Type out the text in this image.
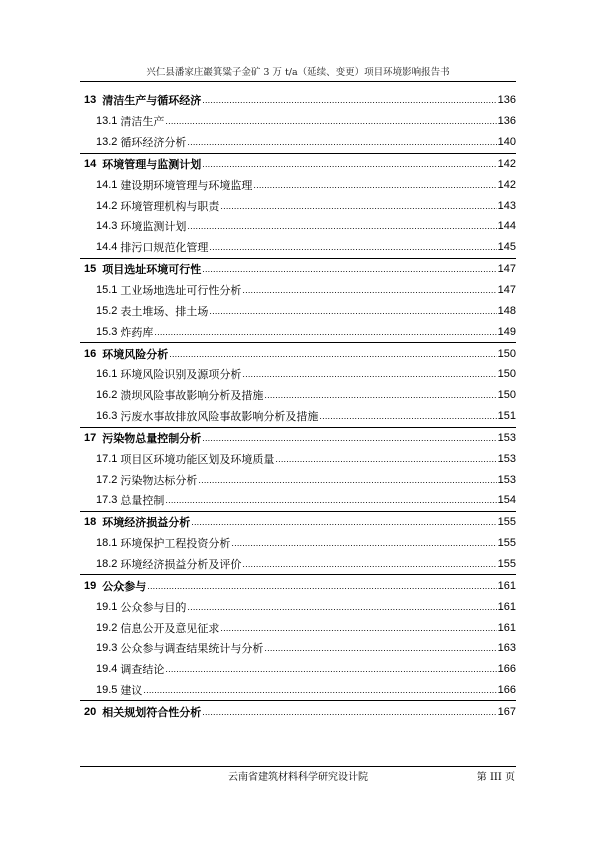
兴仁县潘家庄巖箕粱子金矿 3 万 t/a（延续、变更）项目环境影响报告书
13 清洁生产与循环经济 .....	136
13.1 清洁生产 .....	136
13.2 循环经济分析 .....	140
14 环境管理与监测计划 .....	142
14.1 建设期环境管理与环境监理 .....	142
14.2 环境管理机构与职责 .....	143
14.3 环境监测计划 .....	144
14.4 排污口规范化管理 .....	145
15 项目选址环境可行性 .....	147
15.1 工业场地选址可行性分析 .....	147
15.2 表土堆场、排土场 .....	148
15.3 炸药库 .....	149
16 环境风险分析 .....	150
16.1 环境风险识别及源项分析 .....	150
16.2 溃坝风险事故影响分析及措施 .....	150
16.3 污废水事故排放风险事故影响分析及措施 .....	151
17 污染物总量控制分析 .....	153
17.1 项目区环境功能区划及环境质量 .....	153
17.2 污染物达标分析 .....	153
17.3 总量控制 .....	154
18 环境经济损益分析 .....	155
18.1 环境保护工程投资分析 .....	155
18.2 环境经济损益分析及评价 .....	155
19 公众参与 .....	161
19.1 公众参与目的 .....	161
19.2 信息公开及意见征求 .....	161
19.3 公众参与调查结果统计与分析 .....	163
19.4 调查结论 .....	166
19.5 建议 .....	166
20 相关规划符合性分析 .....	167
云南省建筑材料科学研究设计院	第 III 页
